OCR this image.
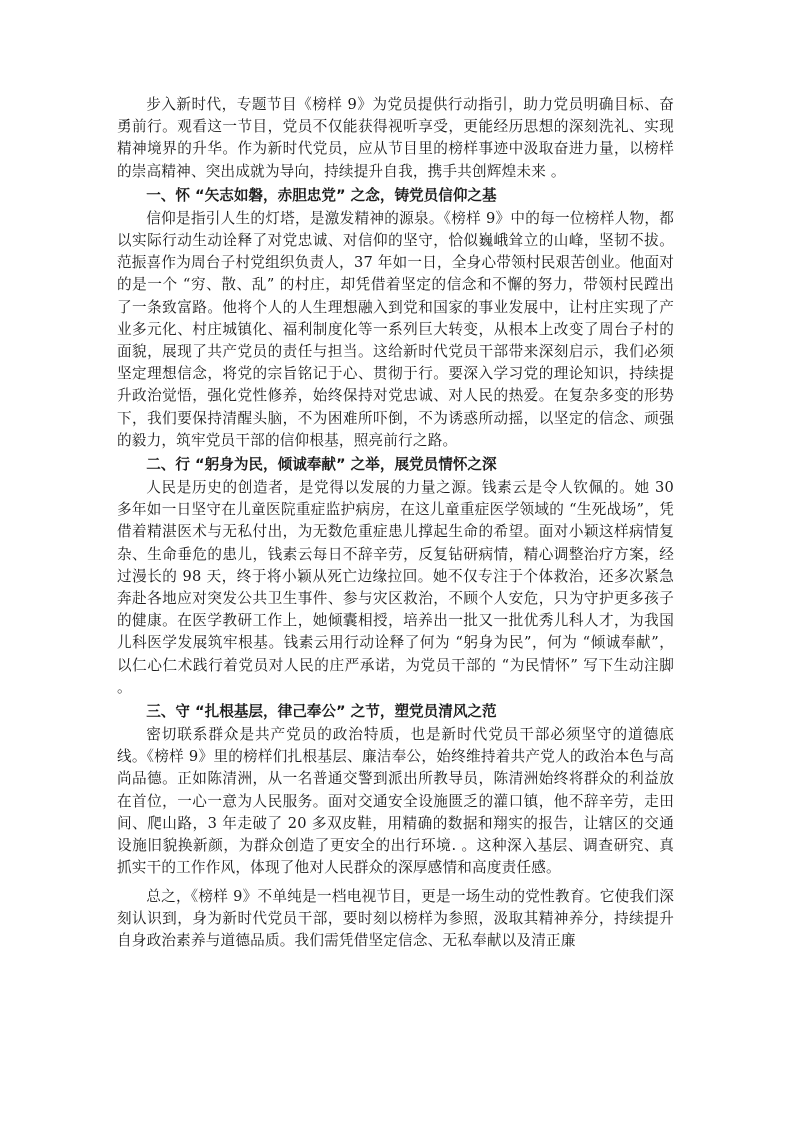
步入新时代，专题节目《榜样 9》为党员提供行动指引，助力党员明确目标、奋勇前行。观看这一节目，党员不仅能获得视听享受，更能经历思想的深刻洗礼、实现精神境界的升华。作为新时代党员，应从节目里的榜样事迹中汲取奋进力量，以榜样的崇高精神、突出成就为导向，持续提升自我，携手共创辉煌未来 。

一、怀 “矢志如磐，赤胆忠党” 之念，铸党员信仰之基

信仰是指引人生的灯塔，是激发精神的源泉。《榜样 9》中的每一位榜样人物，都以实际行动生动诠释了对党忠诚、对信仰的坚守，恰似巍峨耸立的山峰，坚韧不拔。范振喜作为周台子村党组织负责人，37 年如一日，全身心带领村民艰苦创业。他面对的是一个 “穷、散、乱” 的村庄，却凭借着坚定的信念和不懈的努力，带领村民蹚出了一条致富路。他将个人的人生理想融入到党和国家的事业发展中，让村庄实现了产业多元化、村庄城镇化、福利制度化等一系列巨大转变，从根本上改变了周台子村的面貌，展现了共产党员的责任与担当。这给新时代党员干部带来深刻启示，我们必须坚定理想信念，将党的宗旨铭记于心、贯彻于行。要深入学习党的理论知识，持续提升政治觉悟，强化党性修养，始终保持对党忠诚、对人民的热爱。在复杂多变的形势下，我们要保持清醒头脑，不为困难所吓倒，不为诱惑所动摇，以坚定的信念、顽强的毅力，筑牢党员干部的信仰根基，照亮前行之路。

二、行 “躬身为民，倾诚奉献” 之举，展党员情怀之深

人民是历史的创造者，是党得以发展的力量之源。钱素云是令人钦佩的。她 30 多年如一日坚守在儿童医院重症监护病房，在这儿童重症医学领域的 “生死战场”，凭借着精湛医术与无私付出，为无数危重症患儿撑起生命的希望。面对小颖这样病情复杂、生命垂危的患儿，钱素云每日不辞辛劳，反复钻研病情，精心调整治疗方案，经过漫长的 98 天，终于将小颖从死亡边缘拉回。她不仅专注于个体救治，还多次紧急奔赴各地应对突发公共卫生事件、参与灾区救治，不顾个人安危，只为守护更多孩子的健康。在医学教研工作上，她倾囊相授，培养出一批又一批优秀儿科人才，为我国儿科医学发展筑牢根基。钱素云用行动诠释了何为 “躬身为民”，何为 “倾诚奉献”，以仁心仁术践行着党员对人民的庄严承诺，为党员干部的 “为民情怀” 写下生动注脚 。

三、守 “扎根基层，律己奉公” 之节，塑党员清风之范

密切联系群众是共产党员的政治特质，也是新时代党员干部必须坚守的道德底线。《榜样 9》里的榜样们扎根基层、廉洁奉公，始终维持着共产党人的政治本色与高尚品德。正如陈清洲，从一名普通交警到派出所教导员，陈清洲始终将群众的利益放在首位，一心一意为人民服务。面对交通安全设施匮乏的灌口镇，他不辞辛劳，走田间、爬山路，3 年走破了 20 多双皮鞋，用精确的数据和翔实的报告，让辖区的交通设施旧貌换新颜，为群众创造了更安全的出行环境. 。这种深入基层、调查研究、真抓实干的工作作风，体现了他对人民群众的深厚感情和高度责任感。

总之，《榜样 9》不单纯是一档电视节目，更是一场生动的党性教育。它使我们深刻认识到，身为新时代党员干部，要时刻以榜样为参照，汲取其精神养分，持续提升自身政治素养与道德品质。我们需凭借坚定信念、无私奉献以及清正廉
